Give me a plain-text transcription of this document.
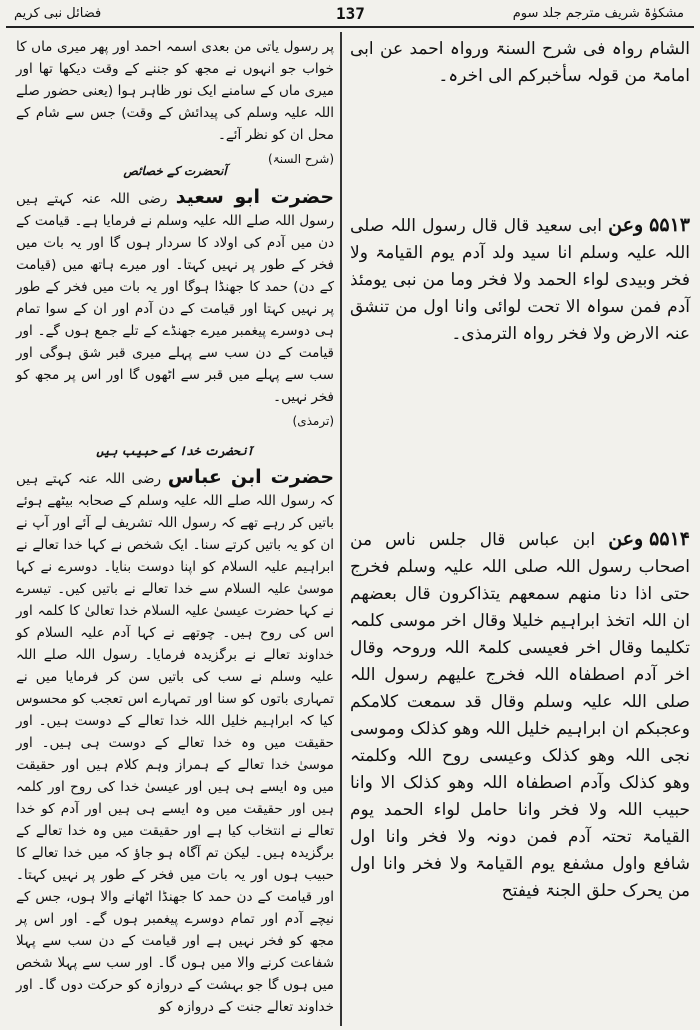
مشکوٰۃ شریف مترجم جلد سوم
137
فضائل نبی کریم

الشام رواہ فی شرح السنۃ ورواہ احمد عن ابی امامۃ من قولہ سأخبرکم الی اخرہ۔

۵۵۱۳وعن ابی سعید قال قال رسول اللہ صلی اللہ علیہ وسلم انا سید ولد آدم یوم القیامۃ ولا فخر وبیدی لواء الحمد ولا فخر وما من نبی یومئذ آدم فمن سواہ الا تحت لوائی وانا اول من تنشق عنہ الارض ولا فخر رواہ الترمذی۔

۵۵۱۴وعن ابن عباس قال جلس ناس من اصحاب رسول اللہ صلی اللہ علیہ وسلم فخرج حتی اذا دنا منھم سمعھم یتذاکرون قال بعضھم ان اللہ اتخذ ابراہیم خلیلا وقال اخر موسی کلمہ تکلیما وقال اخر فعیسی کلمۃ اللہ وروحہ وقال اخر آدم اصطفاہ اللہ فخرج علیھم رسول اللہ صلی اللہ علیہ وسلم وقال قد سمعت کلامکم وعجبکم ان ابراہیم خلیل اللہ وھو کذلک وموسی نجی اللہ وھو کذلک وعیسی روح اللہ وکلمتہ وھو کذلک وآدم اصطفاہ اللہ وھو کذلک الا وانا حبیب اللہ ولا فخر وانا حامل لواء الحمد یوم القیامۃ تحتہ آدم فمن دونہ ولا فخر وانا اول شافع واول مشفع یوم القیامۃ ولا فخر وانا اول من یحرک حلق الجنۃ فیفتح

پر رسول یاتی من بعدی اسمہ احمد اور پھر میری ماں کا خواب جو انہوں نے مجھ کو جننے کے وقت دیکھا تھا اور میری ماں کے سامنے ایک نور ظاہر ہوا (یعنی حضور صلے اللہ علیہ وسلم کی پیدائش کے وقت) جس سے شام کے محل ان کو نظر آئے۔

(شرح السنۃ)
آنحضرت کے خصائص

حضرت ابو سعید رضی اللہ عنہ کہتے ہیں رسول اللہ صلے اللہ علیہ وسلم نے فرمایا ہے۔ قیامت کے دن میں آدم کی اولاد کا سردار ہوں گا اور یہ بات میں فخر کے طور پر نہیں کہتا۔ اور میرے ہاتھ میں (قیامت کے دن) حمد کا جھنڈا ہوگا اور یہ بات میں فخر کے طور پر نہیں کہتا اور قیامت کے دن آدم اور ان کے سوا تمام ہی دوسرے پیغمبر میرے جھنڈے کے تلے جمع ہوں گے۔ اور قیامت کے دن سب سے پہلے میری قبر شق ہوگی اور سب سے پہلے میں قبر سے اٹھوں گا اور اس پر مجھ کو فخر نہیں۔

(ترمذی)
آنحضرت خدا کے حبیب ہیں

حضرت ابن عباس رضی اللہ عنہ کہتے ہیں کہ رسول اللہ صلے اللہ علیہ وسلم کے صحابہ بیٹھے ہوئے باتیں کر رہے تھے کہ رسول اللہ تشریف لے آئے اور آپ نے ان کو یہ باتیں کرتے سنا۔ ایک شخص نے کہا خدا تعالے نے ابراہیم علیہ السلام کو اپنا دوست بنایا۔ دوسرے نے کہا موسیٰ علیہ السلام سے خدا تعالے نے باتیں کیں۔ تیسرے نے کہا حضرت عیسیٰ علیہ السلام خدا تعالیٰ کا کلمہ اور اس کی روح ہیں۔ چوتھے نے کہا آدم علیہ السلام کو خداوند تعالے نے برگزیدہ فرمایا۔ رسول اللہ صلے اللہ علیہ وسلم نے سب کی باتیں سن کر فرمایا میں نے تمہاری باتوں کو سنا اور تمہارے اس تعجب کو محسوس کیا کہ ابراہیم خلیل اللہ خدا تعالے کے دوست ہیں۔ اور حقیقت میں وہ خدا تعالے کے دوست ہی ہیں۔ اور موسیٰ خدا تعالے کے ہمراز وہم کلام ہیں اور حقیقت میں وہ ایسے ہی ہیں اور عیسیٰ خدا کی روح اور کلمہ ہیں اور حقیقت میں وہ ایسے ہی ہیں اور آدم کو خدا تعالے نے انتخاب کیا ہے اور حقیقت میں وہ خدا تعالے کے برگزیدہ ہیں۔ لیکن تم آگاہ ہو جاؤ کہ میں خدا تعالے کا حبیب ہوں اور یہ بات میں فخر کے طور پر نہیں کہتا۔ اور قیامت کے دن حمد کا جھنڈا اٹھانے والا ہوں، جس کے نیچے آدم اور تمام دوسرے پیغمبر ہوں گے۔ اور اس پر مجھ کو فخر نہیں ہے اور قیامت کے دن سب سے پہلا شفاعت کرنے والا میں ہوں گا۔ اور سب سے پہلا شخص میں ہوں گا جو بہشت کے دروازہ کو حرکت دوں گا۔ اور خداوند تعالے جنت کے دروازہ کو
